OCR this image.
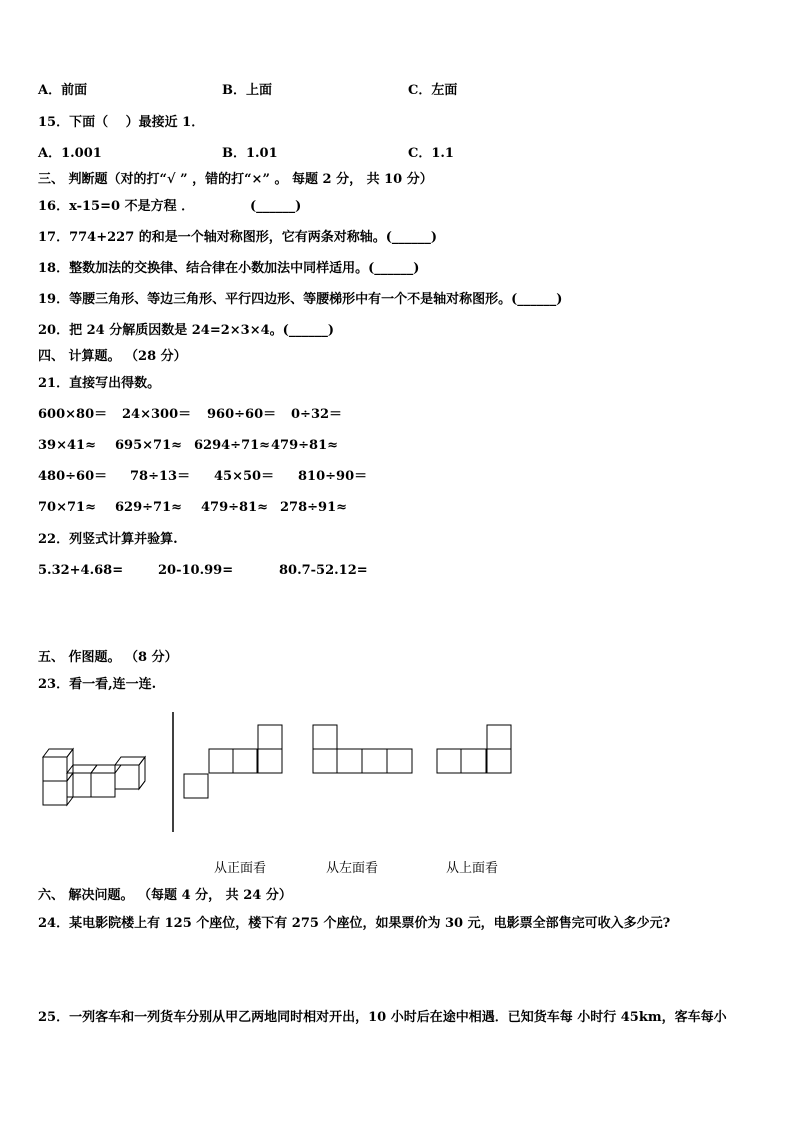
A．前面	B．上面	C．左面
15．下面（　 ）最接近 1．
A．1.001	B．1.01	C．1.1
三、 判断题（对的打“√ ” ，错的打“×” 。 每题 2 分， 共 10 分）
16．x-15=0 不是方程 ．	(______)
17．774+227 的和是一个轴对称图形，它有两条对称轴。(______)
18．整数加法的交换律、结合律在小数加法中同样适用。(______)
19．等腰三角形、等边三角形、平行四边形、等腰梯形中有一个不是轴对称图形。(______)
20．把 24 分解质因数是 24=2×3×4。(______)
四、 计算题。 （28 分）
21．直接写出得数。
600×80＝ 24×300＝ 960÷60＝ 0÷32＝
39×41≈ 695×71≈ 6294÷71≈ 479÷81≈
480÷60＝ 78÷13＝ 45×50＝ 810÷90＝
70×71≈ 629÷71≈ 479÷81≈ 278÷91≈
22．列竖式计算并验算.
5.32+4.68=	20-10.99=	80.7-52.12=
五、 作图题。 （8 分）
23．看一看,连一连.
从正面看	从左面看	从上面看
六、 解决问题。 （每题 4 分， 共 24 分）
24．某电影院楼上有 125 个座位，楼下有 275 个座位，如果票价为 30 元，电影票全部售完可收入多少元?
25．一列客车和一列货车分别从甲乙两地同时相对开出，10 小时后在途中相遇．已知货车每 小时行 45km，客车每小
